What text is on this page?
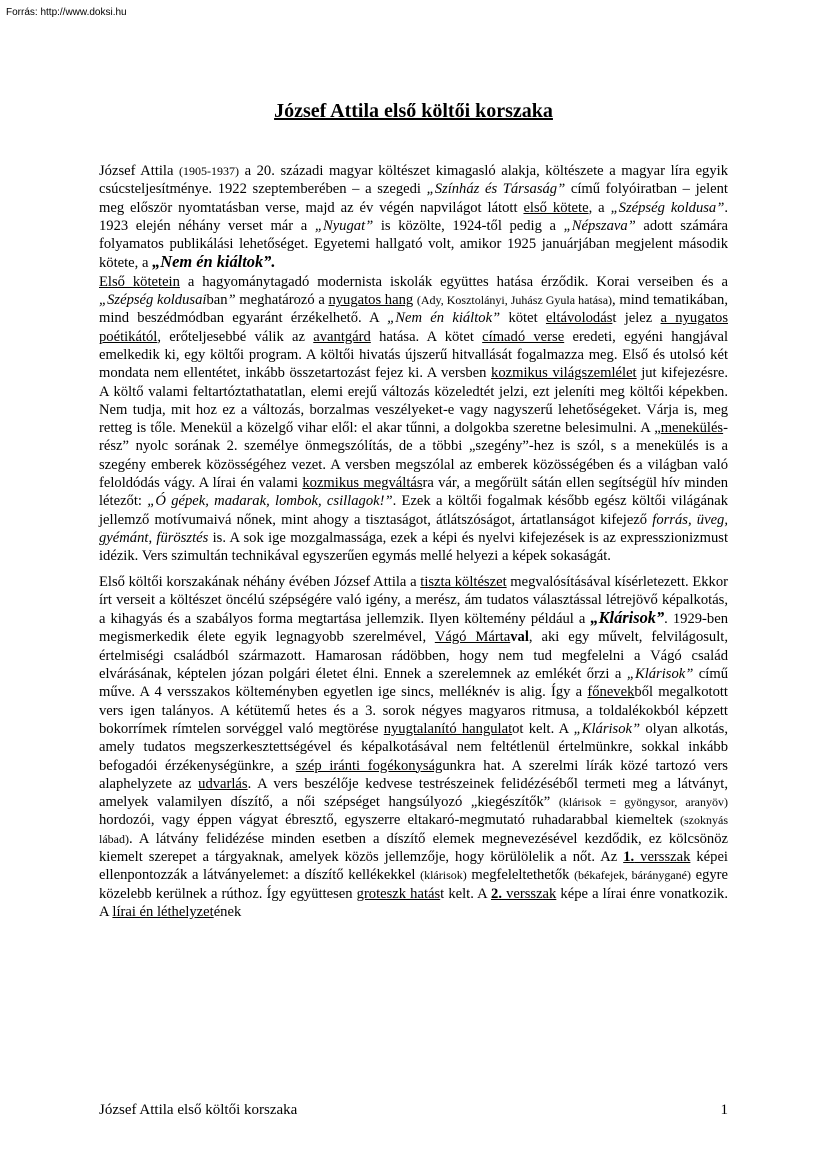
Forrás: http://www.doksi.hu
József Attila első költői korszaka

József Attila (1905-1937) a 20. századi magyar költészet kimagasló alakja, költészete a magyar líra egyik csúcsteljesítménye. 1922 szeptemberében – a szegedi „Színház és Társaság” című folyóiratban – jelent meg először nyomtatásban verse, majd az év végén napvilágot látott első kötete, a „Szépség koldusa”. 1923 elején néhány verset már a „Nyugat” is közölte, 1924-től pedig a „Népszava” adott számára folyamatos publikálási lehetőséget. Egyetemi hallgató volt, amikor 1925 januárjában megjelent második kötete, a „Nem én kiáltok”.

Első kötetein a hagyománytagadó modernista iskolák együttes hatása érződik. Korai verseiben és a „Szépség koldusaiban” meghatározó a nyugatos hang (Ady, Kosztolányi, Juhász Gyula hatása), mind tematikában, mind beszédmódban egyaránt érzékelhető. A „Nem én kiáltok” kötet eltávolodást jelez a nyugatos poétikától, erőteljesebbé válik az avantgárd hatása. A kötet címadó verse eredeti, egyéni hangjával emelkedik ki, egy költői program. A költői hivatás újszerű hitvallását fogalmazza meg. Első és utolsó két mondata nem ellentétet, inkább összetartozást fejez ki. A versben kozmikus világszemlélet jut kifejezésre. A költő valami feltartóztathatatlan, elemi erejű változás közeledtét jelzi, ezt jeleníti meg költői képekben. Nem tudja, mit hoz ez a változás, borzalmas veszélyeket-e vagy nagyszerű lehetőségeket. Várja is, meg retteg is tőle. Menekül a közelgő vihar elől: el akar tűnni, a dolgokba szeretne belesimulni. A „menekülés-rész” nyolc sorának 2. személye önmegszólítás, de a többi „szegény”-hez is szól, s a menekülés is a szegény emberek közösségéhez vezet. A versben megszólal az emberek közösségében és a világban való feloldódás vágy. A lírai én valami kozmikus megváltásra vár, a megőrült sátán ellen segítségül hív minden létezőt: „Ó gépek, madarak, lombok, csillagok!”. Ezek a költői fogalmak később egész költői világának jellemző motívumaivá nőnek, mint ahogy a tisztaságot, átlátszóságot, ártatlanságot kifejező forrás, üveg, gyémánt, fürösztés is. A sok ige mozgalmassága, ezek a képi és nyelvi kifejezések is az expresszionizmust idézik. Vers szimultán technikával egyszerűen egymás mellé helyezi a képek sokaságát.

Első költői korszakának néhány évében József Attila a tiszta költészet megvalósításával kísérletezett. Ekkor írt verseit a költészet öncélú szépségére való igény, a merész, ám tudatos választással létrejövő képalkotás, a kihagyás és a szabályos forma megtartása jellemzik. Ilyen költemény például a „Klárisok”. 1929-ben megismerkedik élete egyik legnagyobb szerelmével, Vágó Mártaval, aki egy művelt, felvilágosult, értelmiségi családból származott. Hamarosan rádöbben, hogy nem tud megfelelni a Vágó család elvárásának, képtelen józan polgári életet élni. Ennek a szerelemnek az emlékét őrzi a „Klárisok” című műve. A 4 versszakos költeményben egyetlen ige sincs, melléknév is alig. Így a főnevekből megalkotott vers igen talányos. A kétütemű hetes és a 3. sorok négyes magyaros ritmusa, a toldalékokból képzett bokorrímek rímtelen sorvéggel való megtörése nyugtalanító hangulatot kelt. A „Klárisok” olyan alkotás, amely tudatos megszerkesztettségével és képalkotásával nem feltétlenül értelmünkre, sokkal inkább befogadói érzékenységünkre, a szép iránti fogékonyságunkra hat. A szerelmi lírák közé tartozó vers alaphelyzete az udvarlás. A vers beszélője kedvese testrészeinek felidézéséből termeti meg a látványt, amelyek valamilyen díszítő, a női szépséget hangsúlyozó „kiegészítők” (klárisok = gyöngysor, aranyöv) hordozói, vagy éppen vágyat ébresztő, egyszerre eltakaró-megmutató ruhadarabbal kiemeltek (szoknyás lábad). A látvány felidézése minden esetben a díszítő elemek megnevezésével kezdődik, ez kölcsönöz kiemelt szerepet a tárgyaknak, amelyek közös jellemzője, hogy körülölelik a nőt. Az 1. versszak képei ellenpontozzák a látványelemet: a díszítő kellékekkel (klárisok) megfeleltethetők (békafejek, báránygané) egyre közelebb kerülnek a rúthoz. Így együttesen groteszk hatást kelt. A 2. versszak képe a lírai énre vonatkozik. A lírai én léthelyzetének

József Attila első költői korszaka	1
